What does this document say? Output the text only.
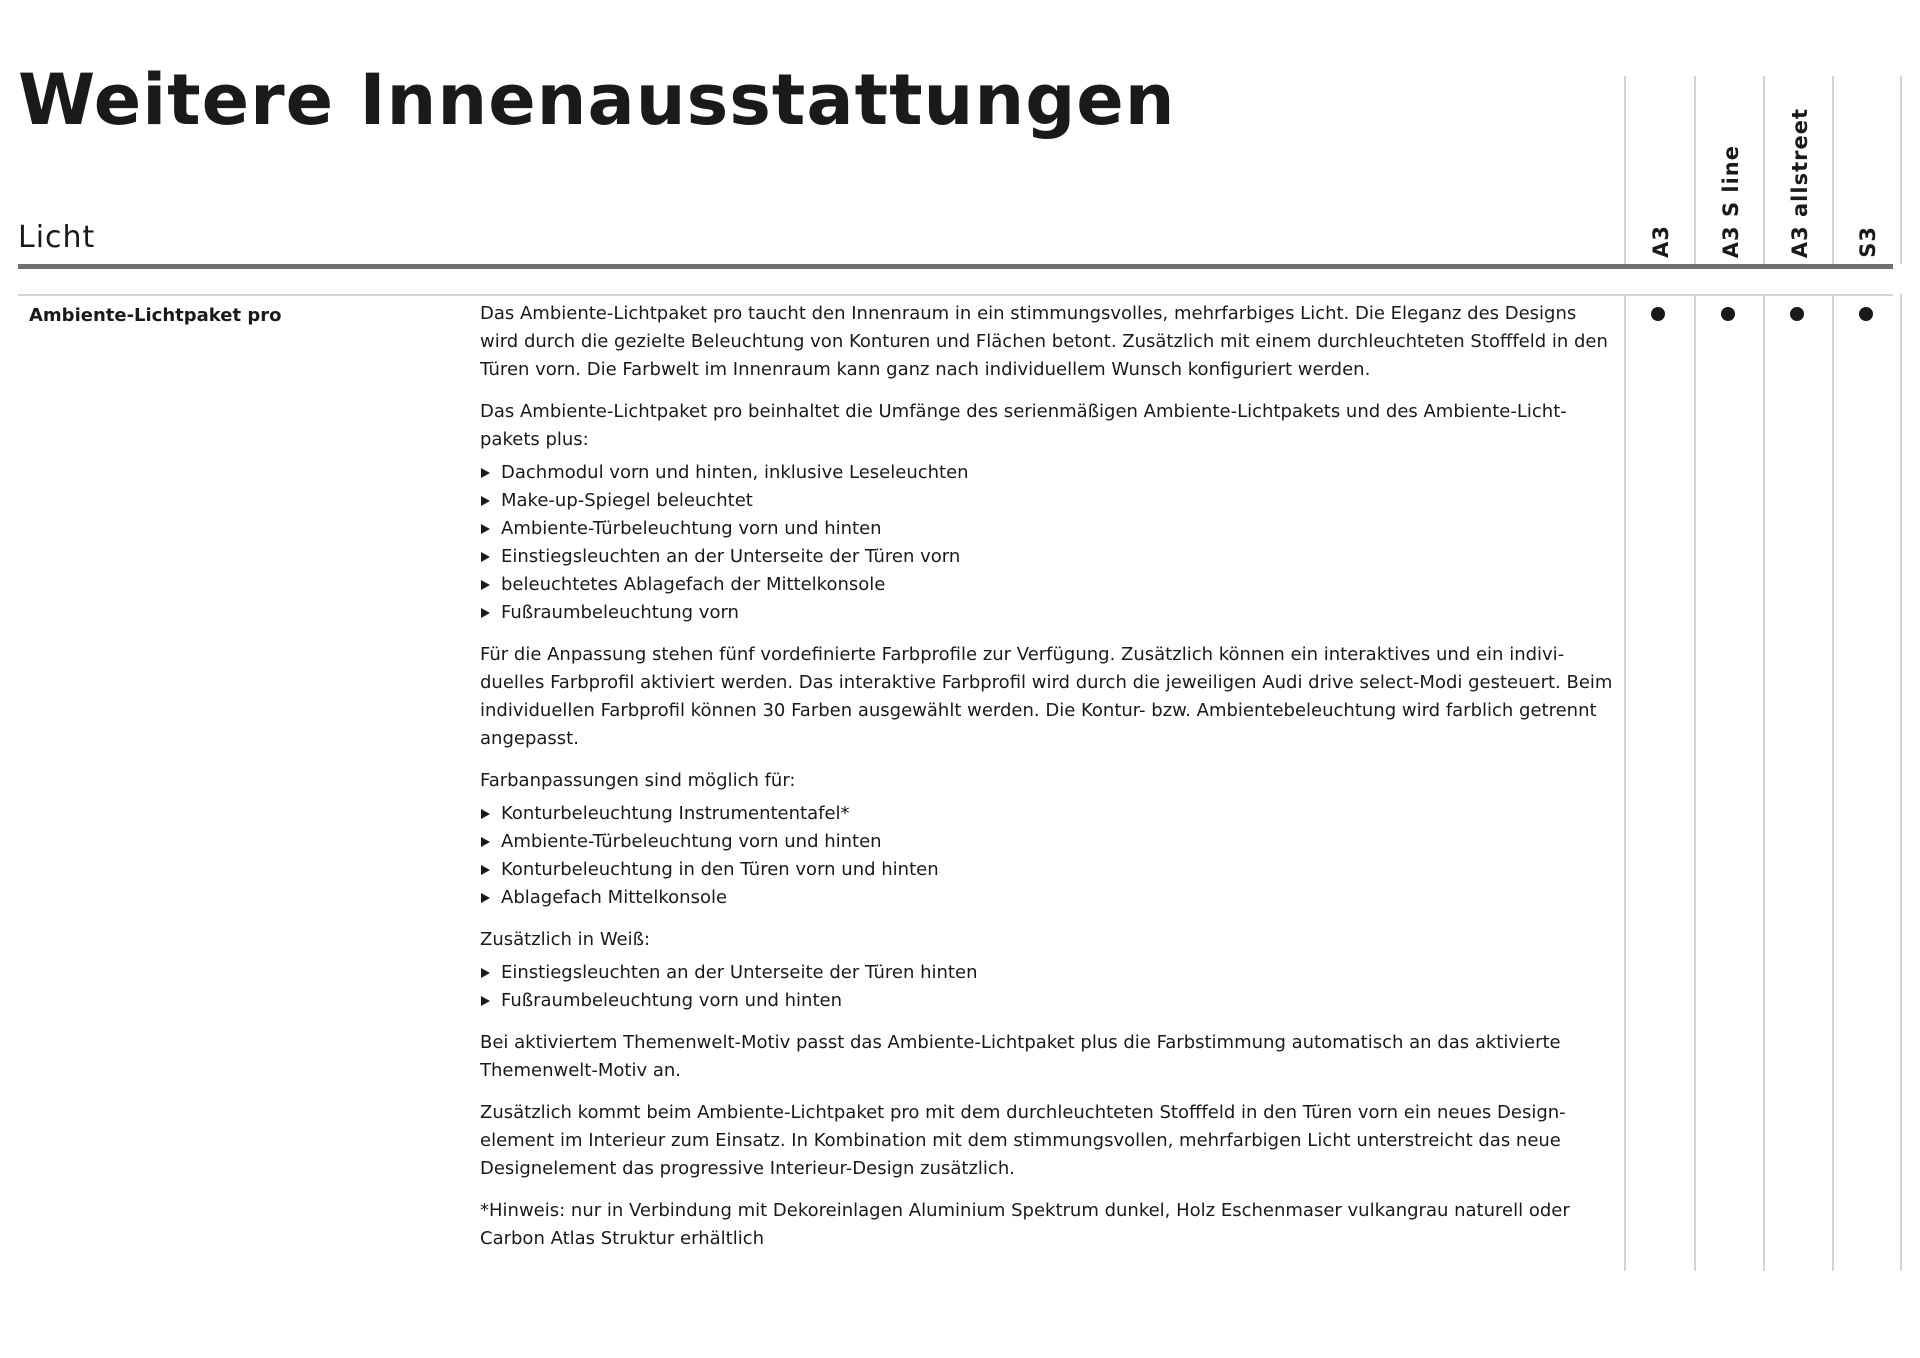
Weitere Innenausstattungen
Licht	A3 A3 S line A3 allstreet S3
Ambiente-Lichtpaket pro	Das Ambiente-Lichtpaket pro taucht den Innenraum in ein stimmungsvolles, mehrfarbiges Licht. Die Eleganz des Designs wird durch die gezielte Beleuchtung von Konturen und Flächen betont. Zusätzlich mit einem durchleuchteten Stofffeld in den Türen vorn. Die Farbwelt im Innenraum kann ganz nach individuellem Wunsch konfiguriert werden.

Das Ambiente-Lichtpaket pro beinhaltet die Umfänge des serienmäßigen Ambiente-Lichtpakets und des Ambiente-Lichtpakets plus:

Dachmodul vorn und hinten, inklusive Leseleuchten
Make-up-Spiegel beleuchtet
Ambiente-Türbeleuchtung vorn und hinten
Einstiegsleuchten an der Unterseite der Türen vorn
beleuchtetes Ablagefach der Mittelkonsole
Fußraumbeleuchtung vorn

Für die Anpassung stehen fünf vordefinierte Farbprofile zur Verfügung. Zusätzlich können ein interaktives und ein individuelles Farbprofil aktiviert werden. Das interaktive Farbprofil wird durch die jeweiligen Audi drive select-Modi gesteuert. Beim individuellen Farbprofil können 30 Farben ausgewählt werden. Die Kontur- bzw. Ambientebeleuchtung wird farblich getrennt angepasst.

Farbanpassungen sind möglich für:

Konturbeleuchtung Instrumententafel*
Ambiente-Türbeleuchtung vorn und hinten
Konturbeleuchtung in den Türen vorn und hinten
Ablagefach Mittelkonsole

Zusätzlich in Weiß:

Einstiegsleuchten an der Unterseite der Türen hinten
Fußraumbeleuchtung vorn und hinten

Bei aktiviertem Themenwelt-Motiv passt das Ambiente-Lichtpaket plus die Farbstimmung automatisch an das aktivierte Themenwelt-Motiv an.

Zusätzlich kommt beim Ambiente-Lichtpaket pro mit dem durchleuchteten Stofffeld in den Türen vorn ein neues Designelement im Interieur zum Einsatz. In Kombination mit dem stimmungsvollen, mehrfarbigen Licht unterstreicht das neue Designelement das progressive Interieur-Design zusätzlich.

*Hinweis: nur in Verbindung mit Dekoreinlagen Aluminium Spektrum dunkel, Holz Eschenmaser vulkangrau naturell oder Carbon Atlas Struktur erhältlich
